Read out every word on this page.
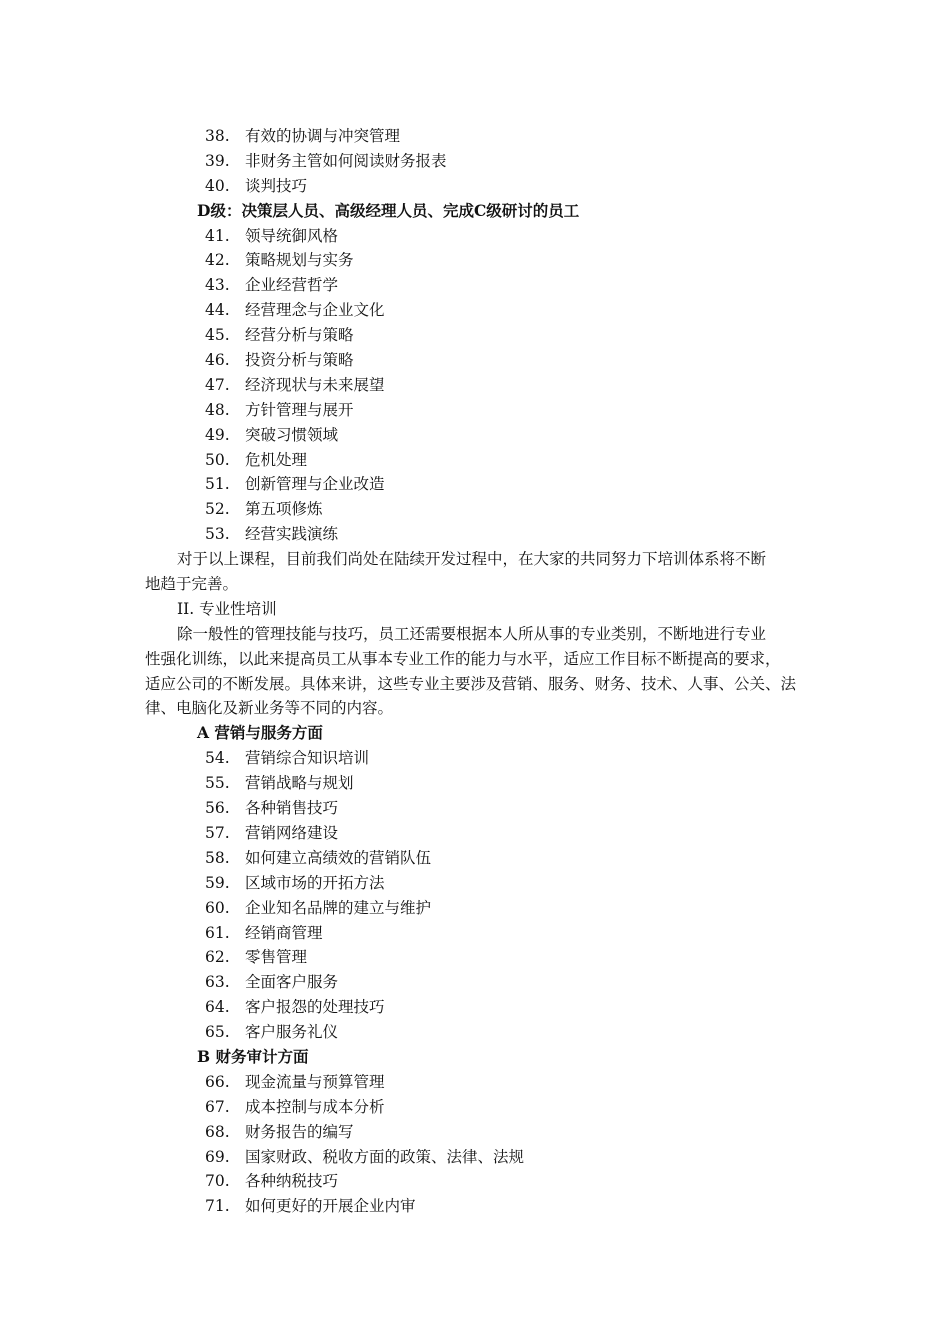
38. 有效的协调与冲突管理
39. 非财务主管如何阅读财务报表
40. 谈判技巧
D级：决策层人员、高级经理人员、完成C级研讨的员工
41. 领导统御风格
42. 策略规划与实务
43. 企业经营哲学
44. 经营理念与企业文化
45. 经营分析与策略
46. 投资分析与策略
47. 经济现状与未来展望
48. 方针管理与展开
49. 突破习惯领域
50. 危机处理
51. 创新管理与企业改造
52. 第五项修炼
53. 经营实践演练
对于以上课程，目前我们尚处在陆续开发过程中，在大家的共同努力下培训体系将不断
地趋于完善。
II. 专业性培训
除一般性的管理技能与技巧，员工还需要根据本人所从事的专业类别，不断地进行专业
性强化训练，以此来提高员工从事本专业工作的能力与水平，适应工作目标不断提高的要求，
适应公司的不断发展。具体来讲，这些专业主要涉及营销、服务、财务、技术、人事、公关、法
律、电脑化及新业务等不同的内容。
A 营销与服务方面
54. 营销综合知识培训
55. 营销战略与规划
56. 各种销售技巧
57. 营销网络建设
58. 如何建立高绩效的营销队伍
59. 区域市场的开拓方法
60. 企业知名品牌的建立与维护
61. 经销商管理
62. 零售管理
63. 全面客户服务
64. 客户报怨的处理技巧
65. 客户服务礼仪
B 财务审计方面
66. 现金流量与预算管理
67. 成本控制与成本分析
68. 财务报告的编写
69. 国家财政、税收方面的政策、法律、法规
70. 各种纳税技巧
71. 如何更好的开展企业内审
